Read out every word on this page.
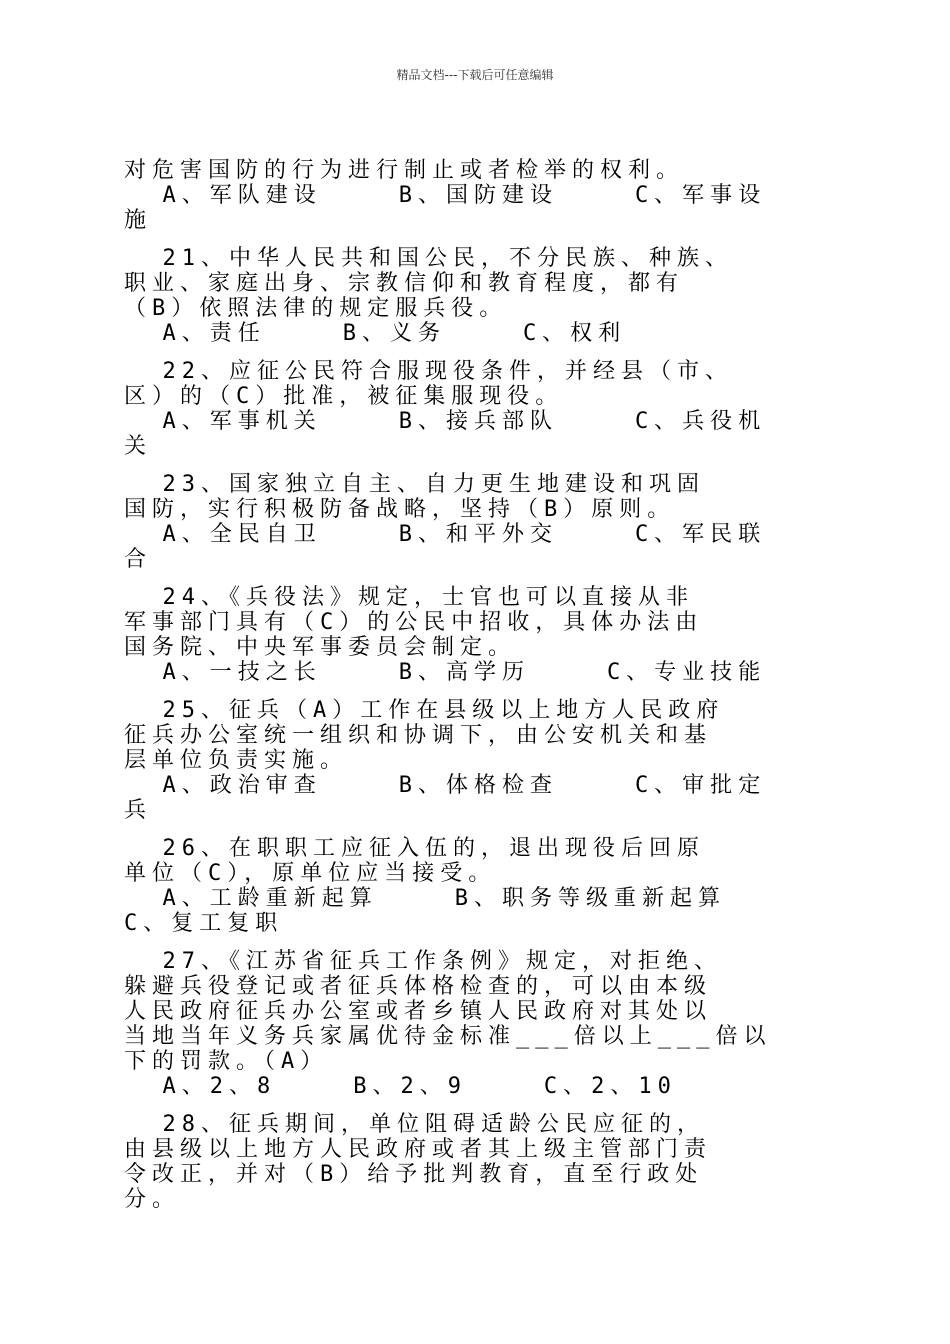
精品文档---下载后可任意编辑
对危害国防的行为进行制止或者检举的权利。
A、军队建设    B、国防建设    C、军事设
施
21、中华人民共和国公民，不分民族、种族、
职业、家庭出身、宗教信仰和教育程度，都有
（B）依照法律的规定服兵役。
A、责任    B、义务    C、权利
22、应征公民符合服现役条件，并经县（市、
区）的（C）批准，被征集服现役。
A、军事机关    B、接兵部队    C、兵役机
关
23、国家独立自主、自力更生地建设和巩固
国防，实行积极防备战略，坚持（B）原则。
A、全民自卫    B、和平外交    C、军民联
合
24、《兵役法》规定，士官也可以直接从非
军事部门具有（C）的公民中招收，具体办法由
国务院、中央军事委员会制定。
A、一技之长    B、高学历    C、专业技能
25、征兵（A）工作在县级以上地方人民政府
征兵办公室统一组织和协调下，由公安机关和基
层单位负责实施。
A、政治审查    B、体格检查    C、审批定
兵
26、在职职工应征入伍的，退出现役后回原
单位（C），原单位应当接受。
A、工龄重新起算    B、职务等级重新起算
C、复工复职
27、《江苏省征兵工作条例》规定，对拒绝、
躲避兵役登记或者征兵体格检查的，可以由本级
人民政府征兵办公室或者乡镇人民政府对其处以
当地当年义务兵家属优待金标准___倍以上___倍以
下的罚款。（A）
A、2、8    B、2、9    C、2、10
28、征兵期间，单位阻碍适龄公民应征的，
由县级以上地方人民政府或者其上级主管部门责
令改正，并对（B）给予批判教育，直至行政处
分。
